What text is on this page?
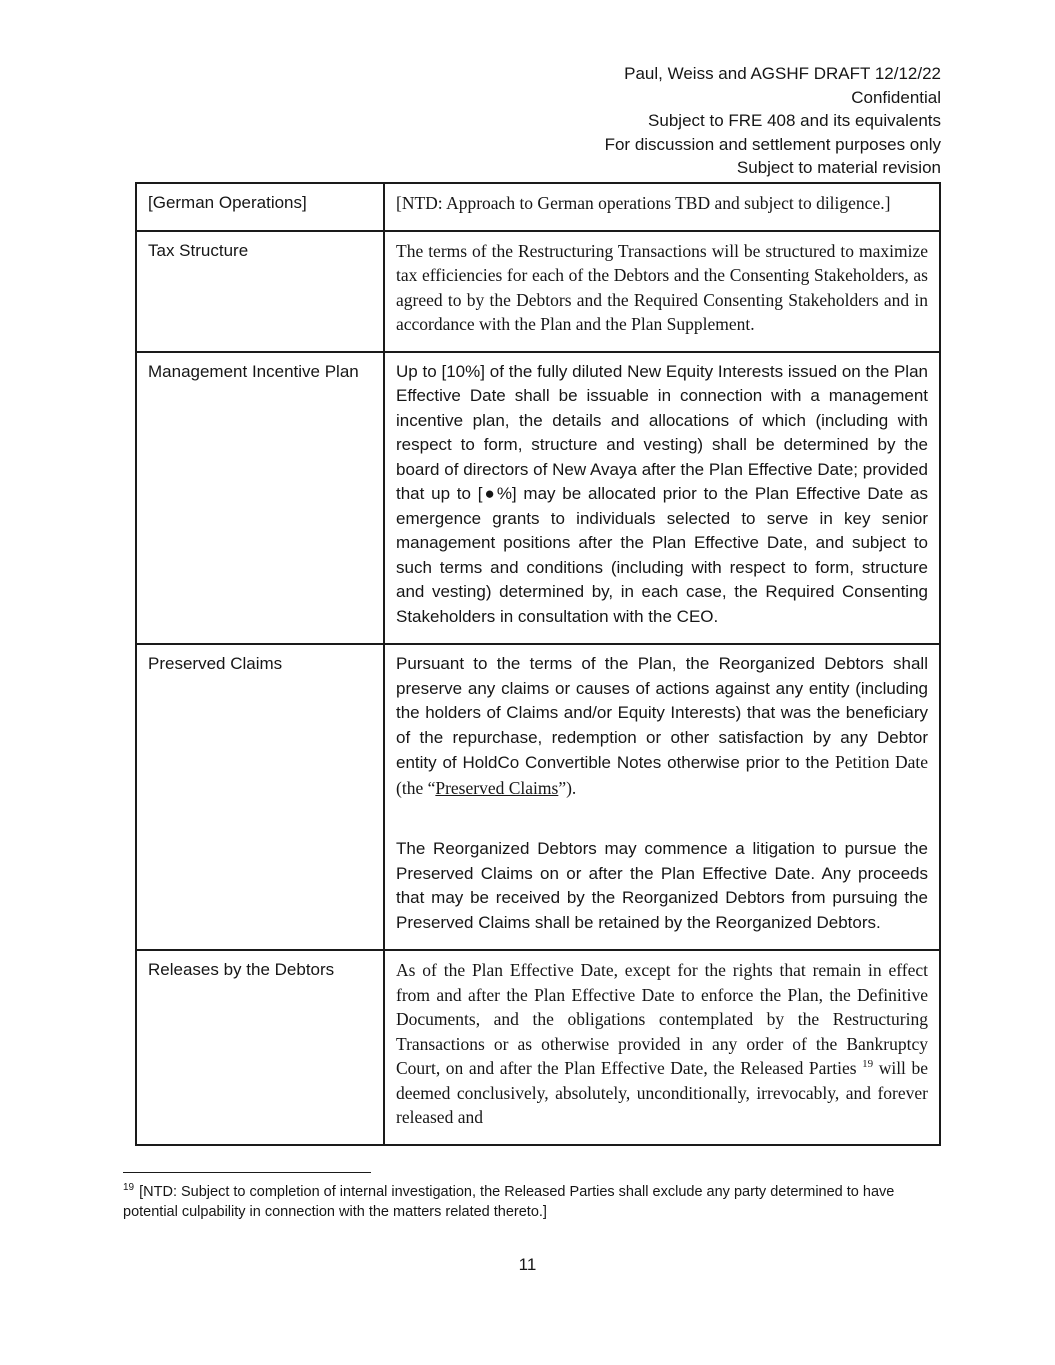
Paul, Weiss and AGSHF DRAFT 12/12/22
Confidential
Subject to FRE 408 and its equivalents
For discussion and settlement purposes only
Subject to material revision
[German Operations]	[NTD: Approach to German operations TBD and subject to diligence.]
Tax Structure	The terms of the Restructuring Transactions will be structured to maximize tax efficiencies for each of the Debtors and the Consenting Stakeholders, as agreed to by the Debtors and the Required Consenting Stakeholders and in accordance with the Plan and the Plan Supplement.
Management Incentive Plan	Up to [10%] of the fully diluted New Equity Interests issued on the Plan Effective Date shall be issuable in connection with a management incentive plan, the details and allocations of which (including with respect to form, structure and vesting) shall be determined by the board of directors of New Avaya after the Plan Effective Date; provided that up to [●%] may be allocated prior to the Plan Effective Date as emergence grants to individuals selected to serve in key senior management positions after the Plan Effective Date, and subject to such terms and conditions (including with respect to form, structure and vesting) determined by, in each case, the Required Consenting Stakeholders in consultation with the CEO.
Preserved Claims	Pursuant to the terms of the Plan, the Reorganized Debtors shall preserve any claims or causes of actions against any entity (including the holders of Claims and/or Equity Interests) that was the beneficiary of the repurchase, redemption or other satisfaction by any Debtor entity of HoldCo Convertible Notes otherwise prior to the Petition Date (the “Preserved Claims”).
The Reorganized Debtors may commence a litigation to pursue the Preserved Claims on or after the Plan Effective Date. Any proceeds that may be received by the Reorganized Debtors from pursuing the Preserved Claims shall be retained by the Reorganized Debtors.

Releases by the Debtors	As of the Plan Effective Date, except for the rights that remain in effect from and after the Plan Effective Date to enforce the Plan, the Definitive Documents, and the obligations contemplated by the Restructuring Transactions or as otherwise provided in any order of the Bankruptcy Court, on and after the Plan Effective Date, the Released Parties $^{19}$ will be deemed conclusively, absolutely, unconditionally, irrevocably, and forever released and
$^{19}$ [NTD: Subject to completion of internal investigation, the Released Parties shall exclude any party determined to have potential culpability in connection with the matters related thereto.]
11
